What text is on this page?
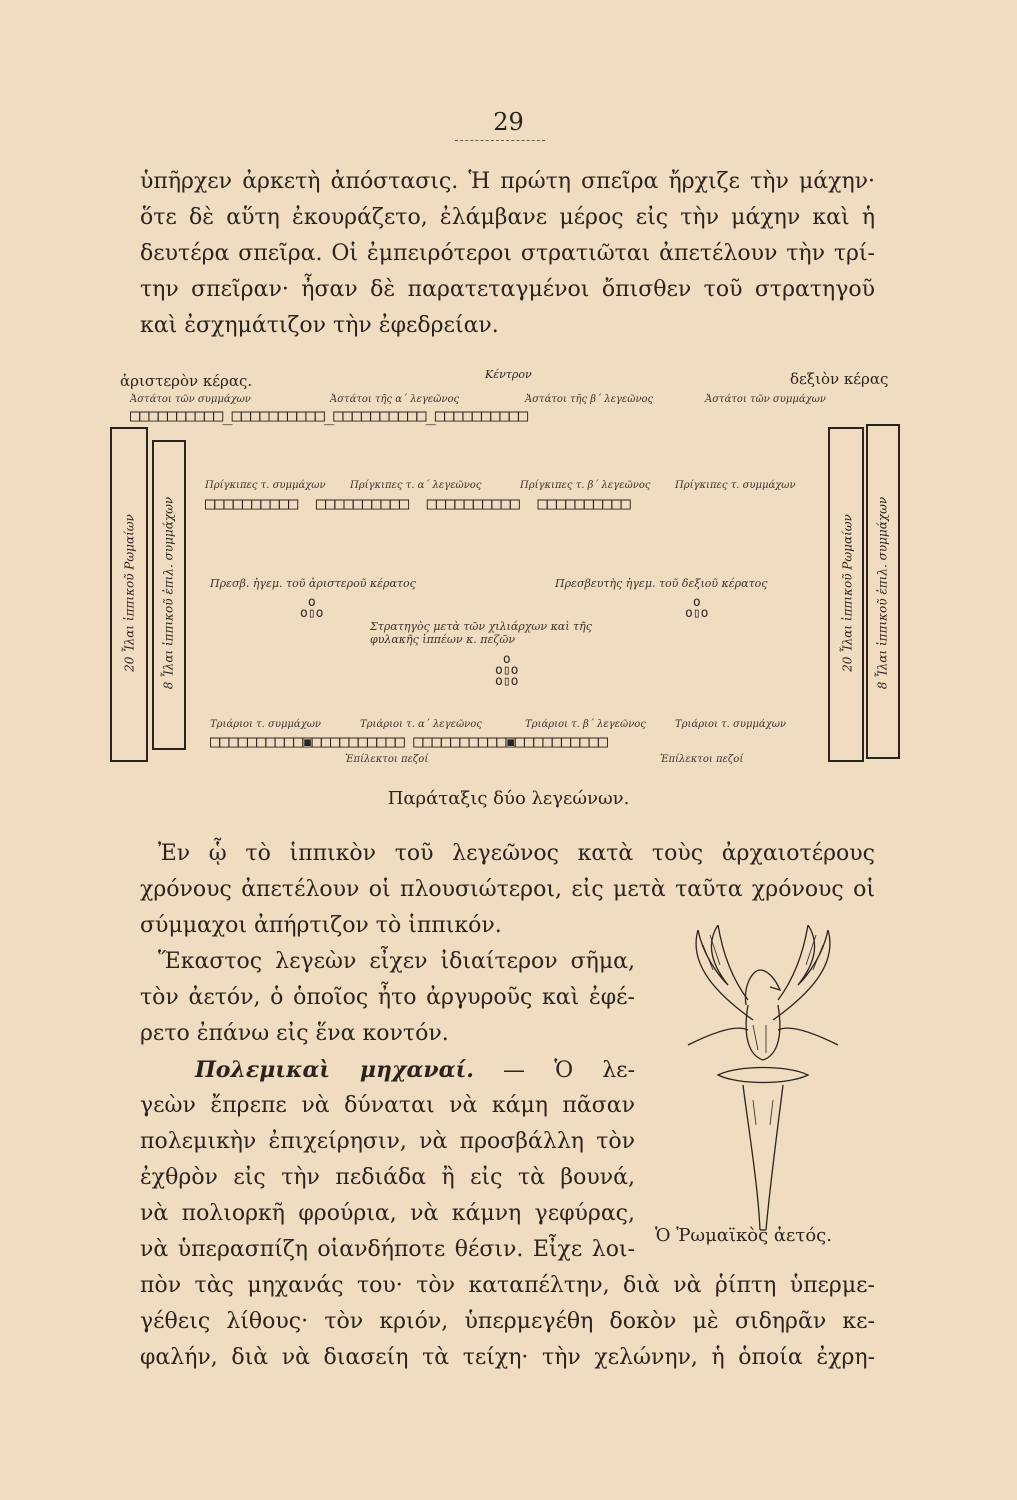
29
ὑπῆρχεν ἀρκετὴ ἀπόστασις. Ἡ πρώτη σπεῖρα ἤρχιζε τὴν μάχην·
ὅτε δὲ αὕτη ἐκουράζετο, ἐλάμβανε μέρος εἰς τὴν μάχην καὶ ἡ
δευτέρα σπεῖρα. Οἱ ἐμπειρότεροι στρατιῶται ἀπετέλουν τὴν τρί-
την σπεῖραν· ἦσαν δὲ παρατεταγμένοι ὄπισθεν τοῦ στρατηγοῦ
καὶ ἐσχημάτιζον τὴν ἐφεδρείαν.
ἀριστερὸν κέρας.	Κέντρον	δεξιὸν κέρας
Ἀστάτοι τῶν συμμάχων	Ἀστάτοι τῆς α΄ λεγεῶνος	Ἀστάτοι τῆς β΄ λεγεῶνος	Ἀστάτοι τῶν συμμάχων
□□□□□□□□□□_□□□□□□□□□□_□□□□□□□□□□_□□□□□□□□□□
Πρίγκιπες τ. συμμάχων Πρίγκιπες τ. α΄ λεγεῶνος	Πρίγκιπες τ. β΄ λεγεῶνος Πρίγκιπες τ. συμμάχων
□□□□□□□□□□ □□□□□□□□□□ □□□□□□□□□□ □□□□□□□□□□
Πρεσβ. ἡγεμ. τοῦ ἀριστεροῦ κέρατος	Πρεσβευτὴς ἡγεμ. τοῦ δεξιοῦ κέρατος
o
o▯o
o
o▯o
Στρατηγὸς μετὰ τῶν χιλιάρχων καὶ τῆς φυλακῆς ἱππέων κ. πεζῶν
o
o▯o
o▯o
Τριάριοι τ. συμμάχων	Τριάριοι τ. α΄ λεγεῶνος	Τριάριοι τ. β΄ λεγεῶνος	Τριάριοι τ. συμμάχων
□□□□□□□□□□▣□□□□□□□□□□ □□□□□□□□□□▣□□□□□□□□□□
Ἐπίλεκτοι πεζοί	Ἐπίλεκτοι πεζοί
20 Ἶλαι ἱππικοῦ Ρωμαίων 8 Ἶλαι ἱππικοῦ ἐπιλ. συμμάχων	20 Ἶλαι ἱππικοῦ Ρωμαίων 8 Ἶλαι ἱππικοῦ ἐπιλ. συμμάχων
Παράταξις δύο λεγεώνων.
Ἐν ᾧ τὸ ἱππικὸν τοῦ λεγεῶνος κατὰ τοὺς ἀρχαιοτέρους
χρόνους ἀπετέλουν οἱ πλουσιώτεροι, εἰς μετὰ ταῦτα χρόνους οἱ
σύμμαχοι ἀπήρτιζον τὸ ἱππικόν.
Ἕκαστος λεγεὼν εἶχεν ἰδιαίτερον σῆμα,
τὸν ἀετόν, ὁ ὁποῖος ἦτο ἀργυροῦς καὶ ἐφέ-
ρετο ἐπάνω εἰς ἕνα κοντόν.
Πολεμικαὶ μηχαναί. — Ὁ λε-
γεὼν ἔπρεπε νὰ δύναται νὰ κάμη πᾶσαν
πολεμικὴν ἐπιχείρησιν, νὰ προσβάλλη τὸν
ἐχθρὸν εἰς τὴν πεδιάδα ἢ εἰς τὰ βουνά,
νὰ πολιορκῆ φρούρια, νὰ κάμνη γεφύρας,
νὰ ὑπερασπίζη οἱανδήποτε θέσιν. Εἶχε λοι-
Ὁ Ῥωμαϊκὸς ἀετός.
πὸν τὰς μηχανάς του· τὸν καταπέλτην, διὰ νὰ ῥίπτη ὑπερμε-
γέθεις λίθους· τὸν κριόν, ὑπερμεγέθη δοκὸν μὲ σιδηρᾶν κε-
φαλήν, διὰ νὰ διασείη τὰ τείχη· τὴν χελώνην, ἡ ὁποία ἐχρη-
